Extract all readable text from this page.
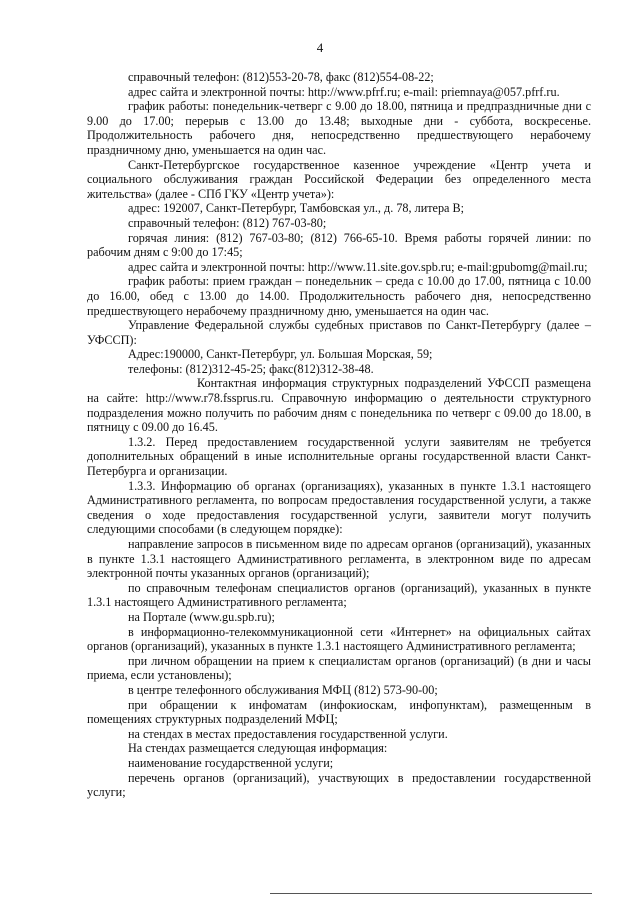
4

справочный телефон: (812)553-20-78, факс (812)554-08-22;

адрес сайта и электронной почты: http://www.pfrf.ru; e-mail: priemnaya@057.pfrf.ru.

график работы: понедельник-четверг с 9.00 до 18.00, пятница и предпраздничные дни с 9.00 до 17.00; перерыв с 13.00 до 13.48; выходные дни - суббота, воскресенье. Продолжительность рабочего дня, непосредственно предшествующего нерабочему праздничному дню, уменьшается на один час.

Санкт-Петербургское государственное казенное учреждение «Центр учета и социального обслуживания граждан Российской Федерации без определенного места жительства» (далее - СПб ГКУ «Центр учета»):

адрес: 192007, Санкт-Петербург, Тамбовская ул., д. 78, литера В;

справочный телефон: (812) 767-03-80;

горячая линия: (812) 767-03-80; (812) 766-65-10. Время работы горячей линии: по рабочим дням с 9:00 до 17:45;

адрес сайта и электронной почты: http://www.11.site.gov.spb.ru; e-mail:gpubomg@mail.ru;

график работы: прием граждан – понедельник – среда с 10.00 до 17.00, пятница с 10.00 до 16.00, обед с 13.00 до 14.00. Продолжительность рабочего дня, непосредственно предшествующего нерабочему праздничному дню, уменьшается на один час.

Управление Федеральной службы судебных приставов по Санкт-Петербургу (далее – УФССП):

Адрес:190000, Санкт-Петербург, ул. Большая Морская, 59;

телефоны: (812)312-45-25; факс(812)312-38-48.

Контактная информация структурных подразделений УФССП размещена на сайте: http://www.r78.fssprus.ru. Справочную информацию о деятельности структурного подразделения можно получить по рабочим дням с понедельника по четверг с 09.00 до 18.00, в пятницу с 09.00 до 16.45.

1.3.2. Перед предоставлением государственной услуги заявителям не требуется дополнительных обращений в иные исполнительные органы государственной власти Санкт-Петербурга и организации.

1.3.3. Информацию об органах (организациях), указанных в пункте 1.3.1 настоящего Административного регламента, по вопросам предоставления государственной услуги, а также сведения о ходе предоставления государственной услуги, заявители могут получить следующими способами (в следующем порядке):

направление запросов в письменном виде по адресам органов (организаций), указанных в пункте 1.3.1 настоящего Административного регламента, в электронном виде по адресам электронной почты указанных органов (организаций);

по справочным телефонам специалистов органов (организаций), указанных в пункте 1.3.1 настоящего Административного регламента;

на Портале (www.gu.spb.ru);

в информационно-телекоммуникационной сети «Интернет» на официальных сайтах органов (организаций), указанных в пункте 1.3.1 настоящего Административного регламента;

при личном обращении на прием к специалистам органов (организаций) (в дни и часы приема, если установлены);

в центре телефонного обслуживания МФЦ (812) 573-90-00;

при обращении к инфоматам (инфокиоскам, инфопунктам), размещенным в помещениях структурных подразделений МФЦ;

на стендах в местах предоставления государственной услуги.

На стендах размещается следующая информация:

наименование государственной услуги;

перечень органов (организаций), участвующих в предоставлении государственной услуги;
